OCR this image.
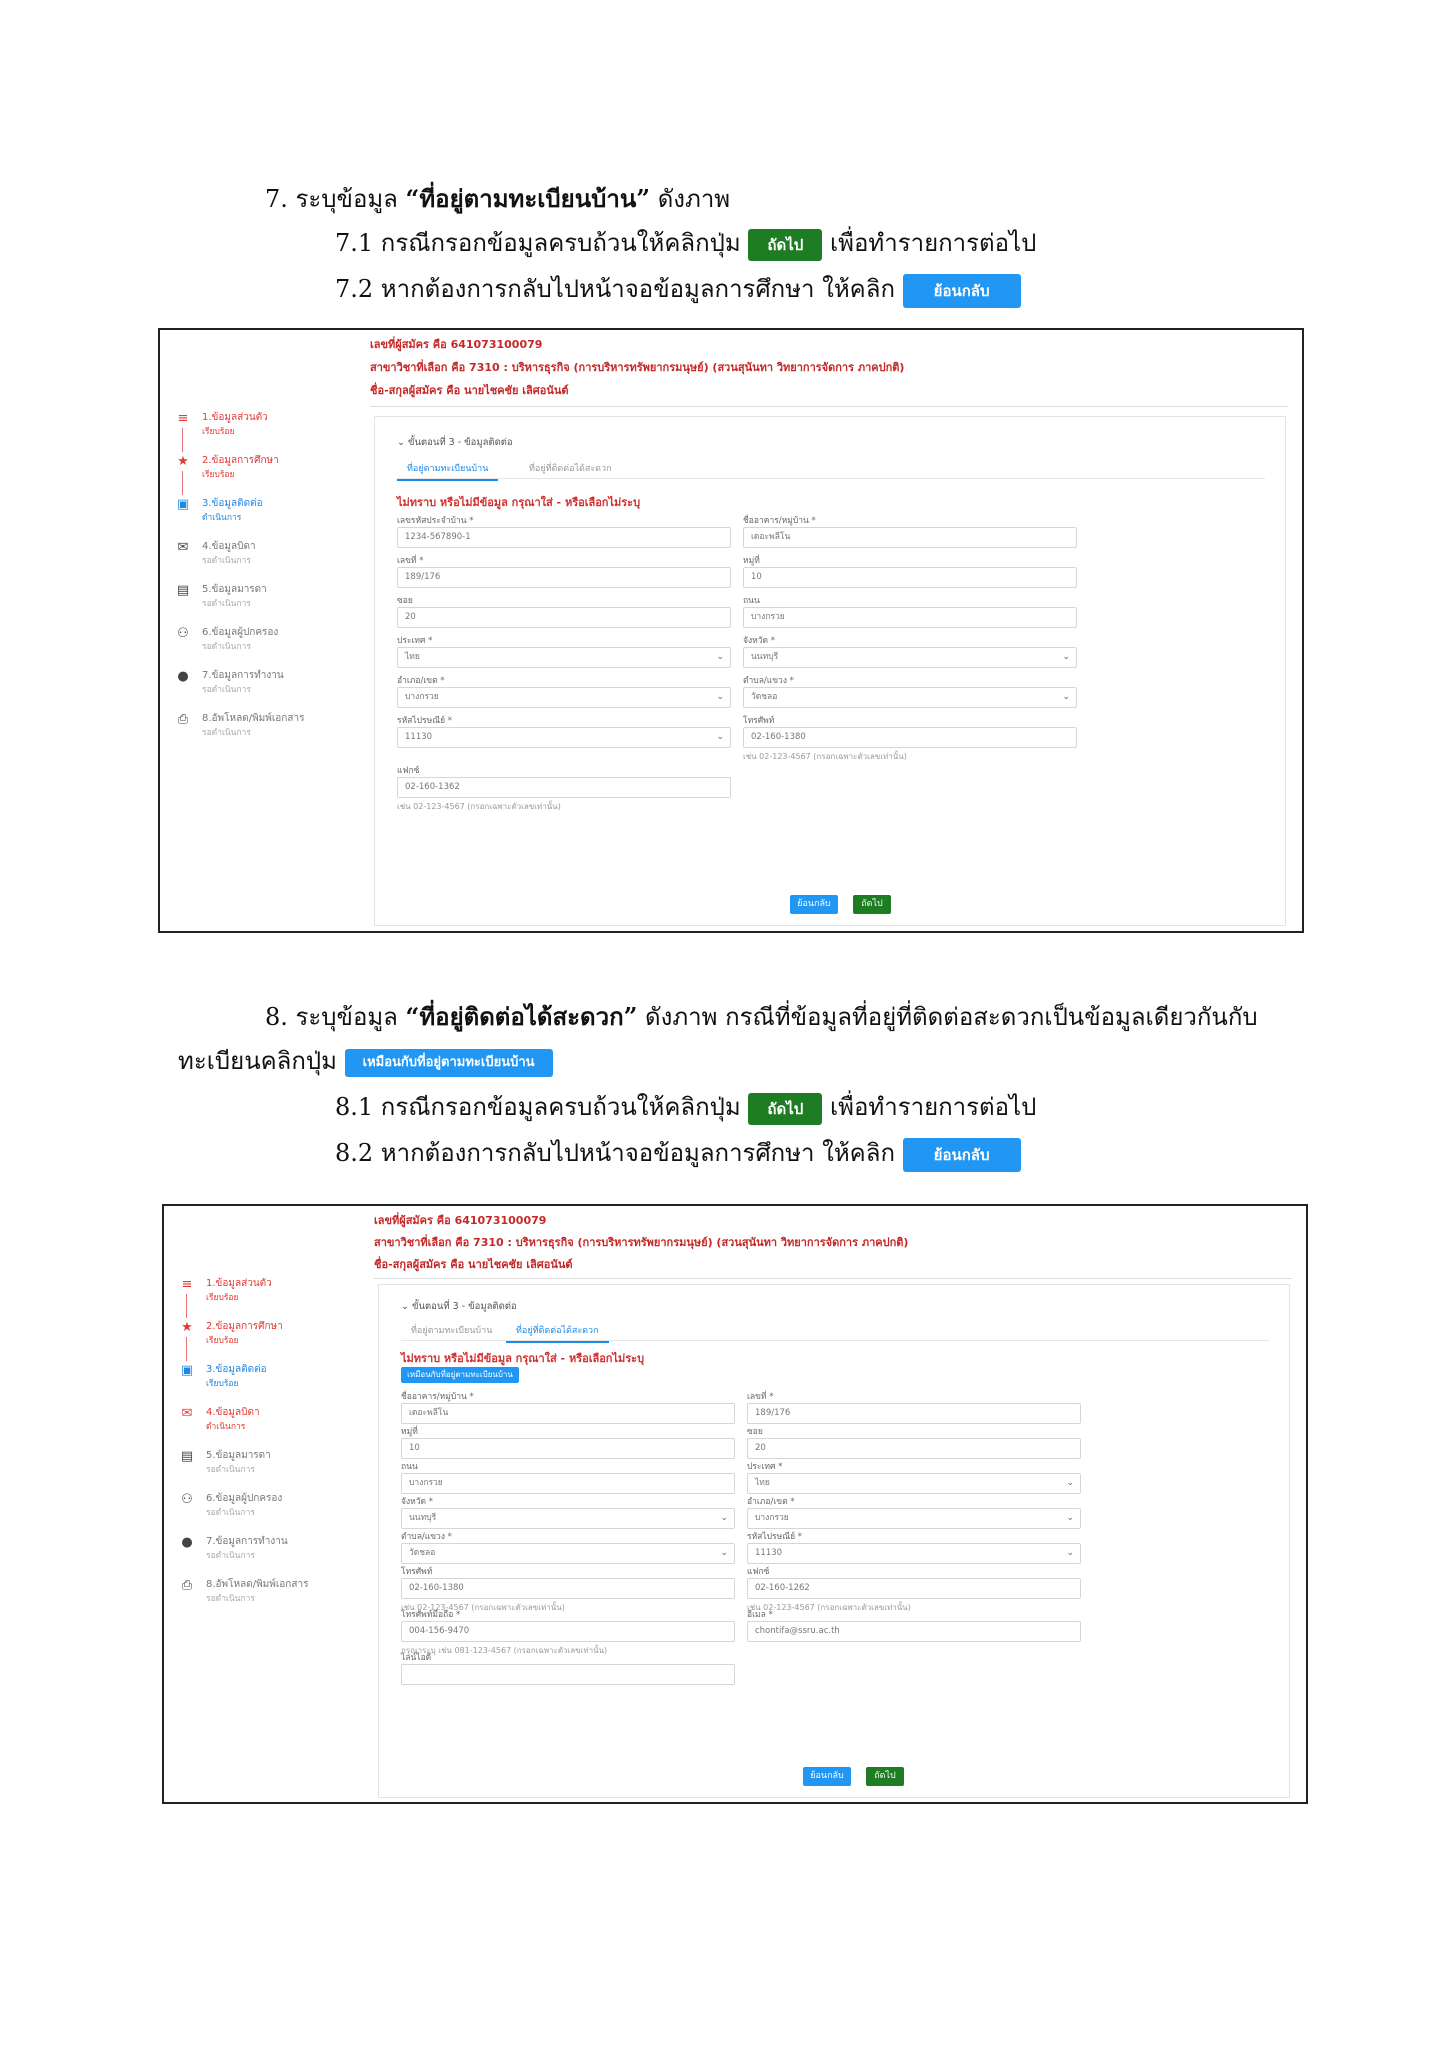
7. ระบุข้อมูล “ที่อยู่ตามทะเบียนบ้าน” ดังภาพ
7.1 กรณีกรอกข้อมูลครบถ้วนให้คลิกปุ่ม ถัดไป เพื่อทำรายการต่อไป
7.2 หากต้องการกลับไปหน้าจอข้อมูลการศึกษา ให้คลิก	ย้อนกลับ
เลขที่ผู้สมัคร คือ 641073100079
สาขาวิชาที่เลือก คือ 7310 : บริหารธุรกิจ (การบริหารทรัพยากรมนุษย์) (สวนสุนันทา วิทยาการจัดการ ภาคปกติ)
ชื่อ-สกุลผู้สมัคร คือ นายไชคชัย เลิศอนันต์
≡ 1.ข้อมูลส่วนตัว
เรียบร้อย
★ 2.ข้อมูลการศึกษา
เรียบร้อย
▣ 3.ข้อมูลติดต่อ
ดำเนินการ
✉ 4.ข้อมูลบิดา
รอดำเนินการ
▤ 5.ข้อมูลมารดา
รอดำเนินการ
⚇ 6.ข้อมูลผู้ปกครอง
รอดำเนินการ
● 7.ข้อมูลการทำงาน
รอดำเนินการ
⎙ 8.อัพโหลด/พิมพ์เอกสาร
รอดำเนินการ
⌄ ขั้นตอนที่ 3 - ข้อมูลติดต่อ
ที่อยู่ตามทะเบียนบ้าน	ที่อยู่ที่ติดต่อได้สะดวก
ไม่ทราบ หรือไม่มีข้อมูล กรุณาใส่ - หรือเลือกไม่ระบุ
เลขรหัสประจำบ้าน *
1234-567890-1
ชื่ออาคาร/หมู่บ้าน *
เดอะพลีโน
เลขที่ *
189/176
หมู่ที่
10
ซอย
20
ถนน
บางกรวย
ประเทศ *
ไทย	⌄
จังหวัด *
นนทบุรี	⌄
อำเภอ/เขต *
บางกรวย	⌄
ตำบล/แขวง *
วัดชลอ	⌄
รหัสไปรษณีย์ *
11130	⌄
โทรศัพท์
02-160-1380
เช่น 02-123-4567 (กรอกเฉพาะตัวเลขเท่านั้น)
แฟกซ์
02-160-1362
เช่น 02-123-4567 (กรอกเฉพาะตัวเลขเท่านั้น)
ย้อนกลับ	ถัดไป
8. ระบุข้อมูล “ที่อยู่ติดต่อได้สะดวก” ดังภาพ กรณีที่ข้อมูลที่อยู่ที่ติดต่อสะดวกเป็นข้อมูลเดียวกันกับ
ทะเบียนคลิกปุ่ม เหมือนกับที่อยู่ตามทะเบียนบ้าน
8.1 กรณีกรอกข้อมูลครบถ้วนให้คลิกปุ่ม ถัดไป เพื่อทำรายการต่อไป
8.2 หากต้องการกลับไปหน้าจอข้อมูลการศึกษา ให้คลิก	ย้อนกลับ
เลขที่ผู้สมัคร คือ 641073100079
สาขาวิชาที่เลือก คือ 7310 : บริหารธุรกิจ (การบริหารทรัพยากรมนุษย์) (สวนสุนันทา วิทยาการจัดการ ภาคปกติ)
ชื่อ-สกุลผู้สมัคร คือ นายไชคชัย เลิศอนันต์
≡ 1.ข้อมูลส่วนตัว
เรียบร้อย
★ 2.ข้อมูลการศึกษา
เรียบร้อย
▣ 3.ข้อมูลติดต่อ
เรียบร้อย
✉ 4.ข้อมูลบิดา
ดำเนินการ
▤ 5.ข้อมูลมารดา
รอดำเนินการ
⚇ 6.ข้อมูลผู้ปกครอง
รอดำเนินการ
● 7.ข้อมูลการทำงาน
รอดำเนินการ
⎙ 8.อัพโหลด/พิมพ์เอกสาร
รอดำเนินการ
⌄ ขั้นตอนที่ 3 - ข้อมูลติดต่อ
ที่อยู่ตามทะเบียนบ้าน	ที่อยู่ที่ติดต่อได้สะดวก
ไม่ทราบ หรือไม่มีข้อมูล กรุณาใส่ - หรือเลือกไม่ระบุ
เหมือนกับที่อยู่ตามทะเบียนบ้าน
ชื่ออาคาร/หมู่บ้าน *
เดอะพลีโน
เลขที่ *
189/176
หมู่ที่
10
ซอย
20
ถนน
บางกรวย
ประเทศ *
ไทย	⌄
จังหวัด *
นนทบุรี	⌄
อำเภอ/เขต *
บางกรวย	⌄
ตำบล/แขวง *
วัดชลอ	⌄
รหัสไปรษณีย์ *
11130	⌄
โทรศัพท์
02-160-1380
เช่น 02-123-4567 (กรอกเฉพาะตัวเลขเท่านั้น)
แฟกซ์
02-160-1262
เช่น 02-123-4567 (กรอกเฉพาะตัวเลขเท่านั้น)
โทรศัพท์มือถือ *
004-156-9470
กรุณาระบุ เช่น 081-123-4567 (กรอกเฉพาะตัวเลขเท่านั้น)
อีเมล *
chontifa@ssru.ac.th
ไลน์ไอดี
ย้อนกลับ	ถัดไป
